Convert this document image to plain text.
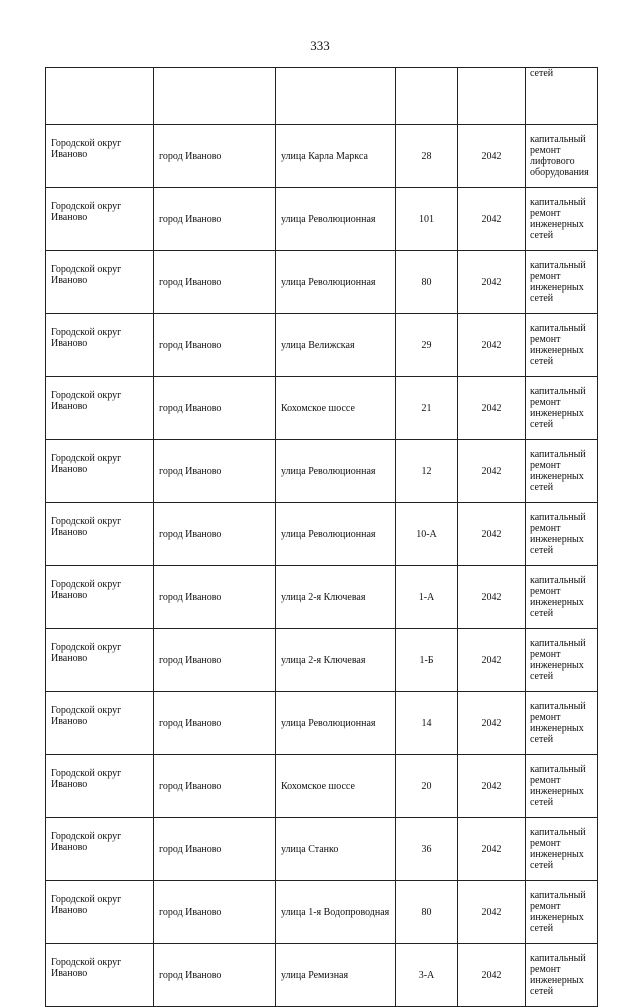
333

					сетей

Городской округ Иваново	город Иваново	улица Карла Маркса	28	2042	капитальный ремонт лифтового оборудования

Городской округ Иваново	город Иваново	улица Революционная	101	2042	капитальный ремонт инженерных сетей

Городской округ Иваново	город Иваново	улица Революционная	80	2042	капитальный ремонт инженерных сетей

Городской округ Иваново	город Иваново	улица Велижская	29	2042	капитальный ремонт инженерных сетей

Городской округ Иваново	город Иваново	Кохомское шоссе	21	2042	капитальный ремонт инженерных сетей

Городской округ Иваново	город Иваново	улица Революционная	12	2042	капитальный ремонт инженерных сетей

Городской округ Иваново	город Иваново	улица Революционная	10-А	2042	капитальный ремонт инженерных сетей

Городской округ Иваново	город Иваново	улица 2-я Ключевая	1-А	2042	капитальный ремонт инженерных сетей

Городской округ Иваново	город Иваново	улица 2-я Ключевая	1-Б	2042	капитальный ремонт инженерных сетей

Городской округ Иваново	город Иваново	улица Революционная	14	2042	капитальный ремонт инженерных сетей

Городской округ Иваново	город Иваново	Кохомское шоссе	20	2042	капитальный ремонт инженерных сетей

Городской округ Иваново	город Иваново	улица Станко	36	2042	капитальный ремонт инженерных сетей

Городской округ Иваново	город Иваново	улица 1-я Водопроводная	80	2042	капитальный ремонт инженерных сетей

Городской округ Иваново	город Иваново	улица Ремизная	3-А	2042	капитальный ремонт инженерных сетей
